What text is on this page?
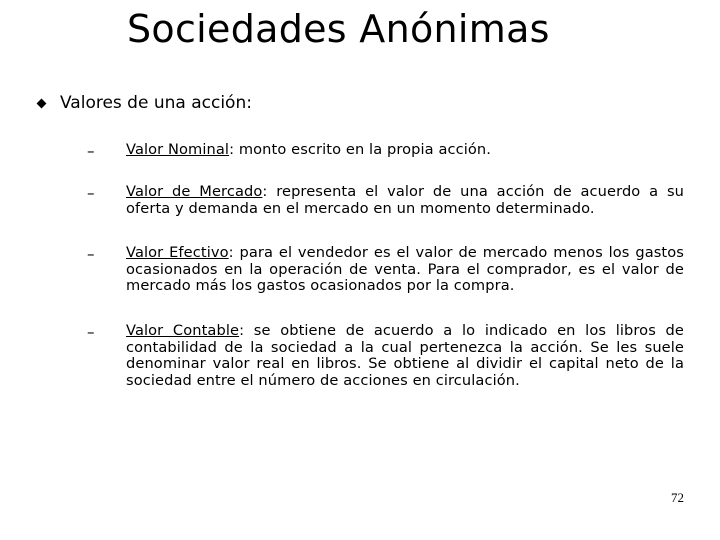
Sociedades Anónimas
Valores de una acción:
– Valor Nominal: monto escrito en la propia acción.
– Valor de Mercado: representa el valor de una acción de acuerdo a su oferta y demanda en el mercado en un momento determinado.
– Valor Efectivo: para el vendedor es el valor de mercado menos los gastos ocasionados en la operación de venta. Para el comprador, es el valor de mercado más los gastos ocasionados por la compra.
– Valor Contable: se obtiene de acuerdo a lo indicado en los libros de contabilidad de la sociedad a la cual pertenezca la acción. Se les suele denominar valor real en libros. Se obtiene al dividir el capital neto de la sociedad entre el número de acciones en circulación.
72
